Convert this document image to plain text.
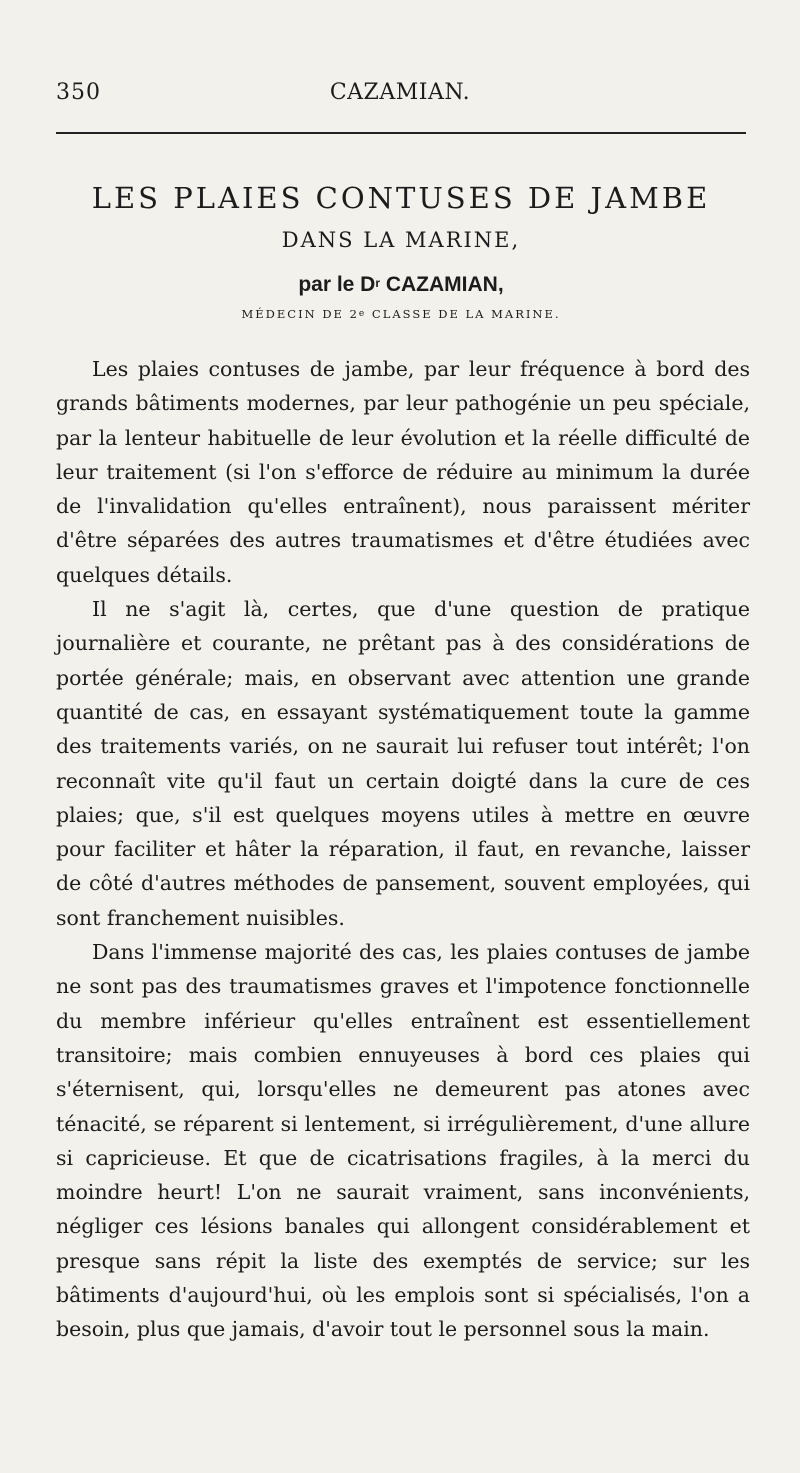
350	CAZAMIAN.
LES PLAIES CONTUSES DE JAMBE
DANS LA MARINE,
par le $D^r$ CAZAMIAN,
MÉDECIN DE 2e CLASSE DE LA MARINE.

Les plaies contuses de jambe, par leur fréquence à bord des grands bâtiments modernes, par leur pathogénie un peu spéciale, par la lenteur habituelle de leur évolution et la réelle difficulté de leur traitement (si l'on s'efforce de réduire au minimum la durée de l'invalidation qu'elles entraînent), nous paraissent mériter d'être séparées des autres traumatismes et d'être étudiées avec quelques détails.

Il ne s'agit là, certes, que d'une question de pratique journalière et courante, ne prêtant pas à des considérations de portée générale; mais, en observant avec attention une grande quantité de cas, en essayant systématiquement toute la gamme des traitements variés, on ne saurait lui refuser tout intérêt; l'on reconnaît vite qu'il faut un certain doigté dans la cure de ces plaies; que, s'il est quelques moyens utiles à mettre en œuvre pour faciliter et hâter la réparation, il faut, en revanche, laisser de côté d'autres méthodes de pansement, souvent employées, qui sont franchement nuisibles.

Dans l'immense majorité des cas, les plaies contuses de jambe ne sont pas des traumatismes graves et l'impotence fonctionnelle du membre inférieur qu'elles entraînent est essentiellement transitoire; mais combien ennuyeuses à bord ces plaies qui s'éternisent, qui, lorsqu'elles ne demeurent pas atones avec ténacité, se réparent si lentement, si irrégulièrement, d'une allure si capricieuse. Et que de cicatrisations fragiles, à la merci du moindre heurt! L'on ne saurait vraiment, sans inconvénients, négliger ces lésions banales qui allongent considérablement et presque sans répit la liste des exemptés de service; sur les bâtiments d'aujourd'hui, où les emplois sont si spécialisés, l'on a besoin, plus que jamais, d'avoir tout le personnel sous la main.
